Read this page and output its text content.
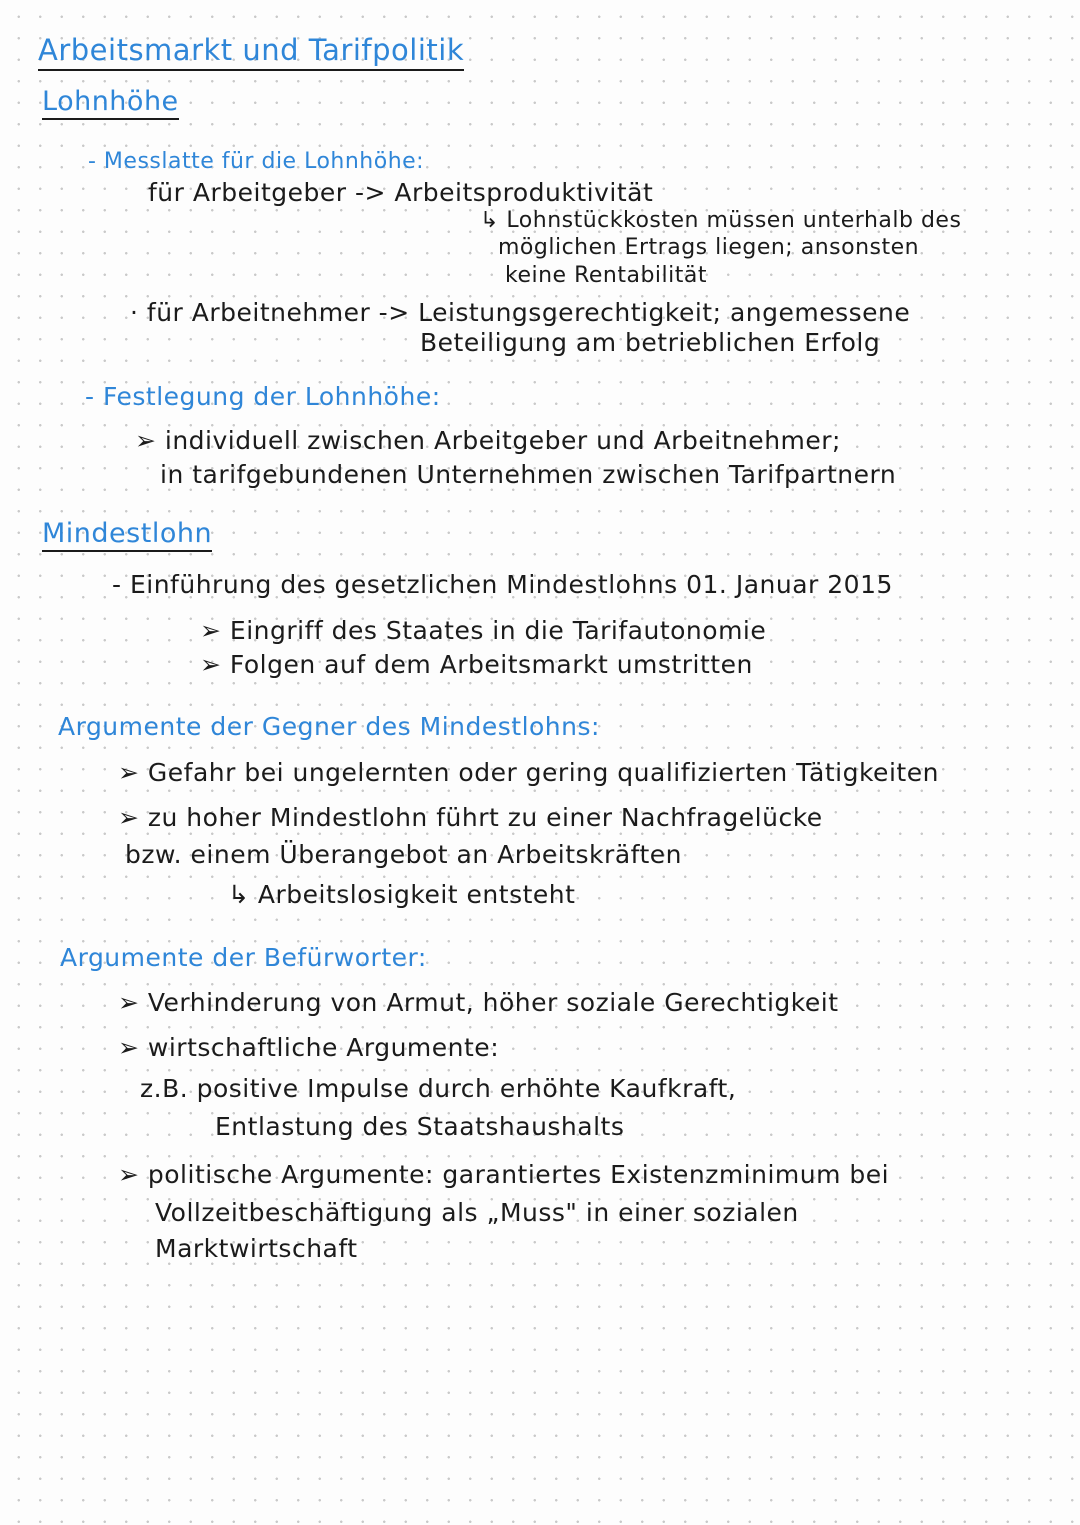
Arbeitsmarkt und Tarifpolitik
Lohnhöhe
- Messlatte für die Lohnhöhe:
für Arbeitgeber -> Arbeitsproduktivität
↳ Lohnstückkosten müssen unterhalb des
möglichen Ertrags liegen; ansonsten
keine Rentabilität
· für Arbeitnehmer -> Leistungsgerechtigkeit; angemessene
Beteiligung am betrieblichen Erfolg
- Festlegung der Lohnhöhe:
➢ individuell zwischen Arbeitgeber und Arbeitnehmer;
in tarifgebundenen Unternehmen zwischen Tarifpartnern
Mindestlohn
- Einführung des gesetzlichen Mindestlohns 01. Januar 2015
➢ Eingriff des Staates in die Tarifautonomie
➢ Folgen auf dem Arbeitsmarkt umstritten
Argumente der Gegner des Mindestlohns:
➢ Gefahr bei ungelernten oder gering qualifizierten Tätigkeiten
➢ zu hoher Mindestlohn führt zu einer Nachfragelücke
bzw. einem Überangebot an Arbeitskräften
↳ Arbeitslosigkeit entsteht
Argumente der Befürworter:
➢ Verhinderung von Armut, höher soziale Gerechtigkeit
➢ wirtschaftliche Argumente:
z.B. positive Impulse durch erhöhte Kaufkraft,
Entlastung des Staatshaushalts
➢ politische Argumente: garantiertes Existenzminimum bei
Vollzeitbeschäftigung als „Muss" in einer sozialen
Marktwirtschaft
